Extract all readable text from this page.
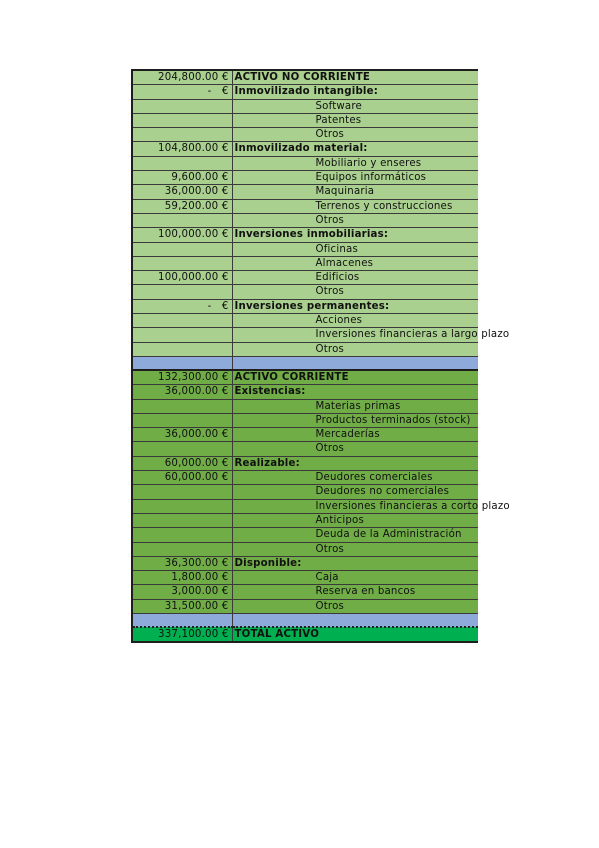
204,800.00 €	ACTIVO NO CORRIENTE
- €	Inmovilizado intangible:
	Software
	Patentes
	Otros
104,800.00 €	Inmovilizado material:
	Mobiliario y enseres
9,600.00 €	Equipos informáticos
36,000.00 €	Maquinaria
59,200.00 €	Terrenos y construcciones
	Otros
100,000.00 €	Inversiones inmobiliarias:
	Oficinas
	Almacenes
100,000.00 €	Edificios
	Otros
- €	Inversiones permanentes:
	Acciones
	Inversiones financieras a largo plazo
	Otros

132,300.00 €	ACTIVO CORRIENTE
36,000.00 €	Existencias:
	Materias primas
	Productos terminados (stock)
36,000.00 €	Mercaderías
	Otros
60,000.00 €	Realizable:
60,000.00 €	Deudores comerciales
	Deudores no comerciales
	Inversiones financieras a corto plazo
	Anticipos
	Deuda de la Administración
	Otros
36,300.00 €	Disponible:
1,800.00 €	Caja
3,000.00 €	Reserva en bancos
31,500.00 €	Otros

337,100.00 €	TOTAL ACTIVO
